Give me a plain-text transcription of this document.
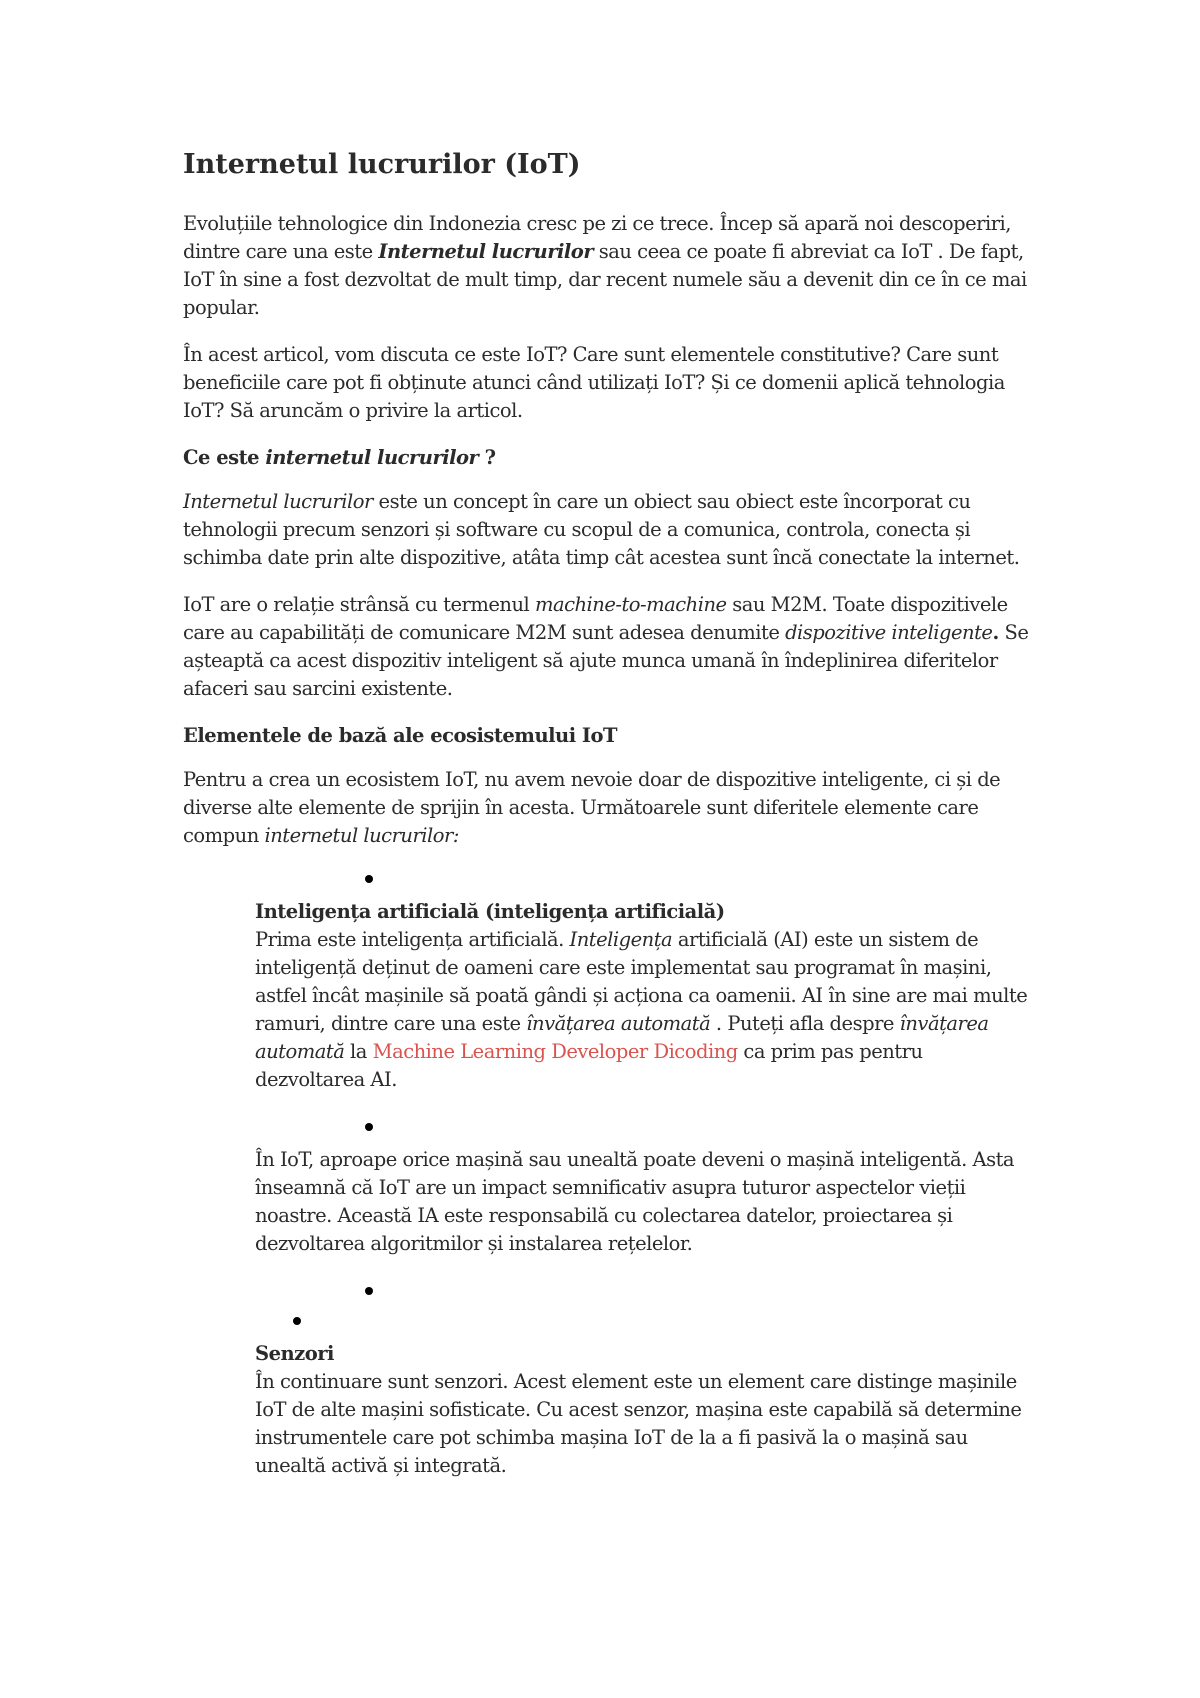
Internetul lucrurilor (IoT)

Evoluțiile tehnologice din Indonezia cresc pe zi ce trece. Încep să apară noi descoperiri, dintre care una este Internetul lucrurilor sau ceea ce poate fi abreviat ca IoT . De fapt, IoT în sine a fost dezvoltat de mult timp, dar recent numele său a devenit din ce în ce mai popular.

În acest articol, vom discuta ce este IoT? Care sunt elementele constitutive? Care sunt beneficiile care pot fi obținute atunci când utilizați IoT? Și ce domenii aplică tehnologia IoT? Să aruncăm o privire la articol.

Ce este internetul lucrurilor ?

Internetul lucrurilor este un concept în care un obiect sau obiect este încorporat cu tehnologii precum senzori și software cu scopul de a comunica, controla, conecta și schimba date prin alte dispozitive, atâta timp cât acestea sunt încă conectate la internet.

IoT are o relație strânsă cu termenul machine-to-machine sau M2M. Toate dispozitivele care au capabilități de comunicare M2M sunt adesea denumite dispozitive inteligente. Se așteaptă ca acest dispozitiv inteligent să ajute munca umană în îndeplinirea diferitelor afaceri sau sarcini existente.

Elementele de bază ale ecosistemului IoT

Pentru a crea un ecosistem IoT, nu avem nevoie doar de dispozitive inteligente, ci și de diverse alte elemente de sprijin în acesta. Următoarele sunt diferitele elemente care compun internetul lucrurilor:

Inteligența artificială (inteligența artificială)
Prima este inteligența artificială. Inteligența artificială (AI) este un sistem de inteligență deținut de oameni care este implementat sau programat în mașini, astfel încât mașinile să poată gândi și acționa ca oamenii. AI în sine are mai multe ramuri, dintre care una este învățarea automată . Puteți afla despre învățarea automată la Machine Learning Developer Dicoding ca prim pas pentru dezvoltarea AI.
În IoT, aproape orice mașină sau unealtă poate deveni o mașină inteligentă. Asta înseamnă că IoT are un impact semnificativ asupra tuturor aspectelor vieții noastre. Această IA este responsabilă cu colectarea datelor, proiectarea și dezvoltarea algoritmilor și instalarea rețelelor.
Senzori
În continuare sunt senzori. Acest element este un element care distinge mașinile IoT de alte mașini sofisticate. Cu acest senzor, mașina este capabilă să determine instrumentele care pot schimba mașina IoT de la a fi pasivă la o mașină sau unealtă activă și integrată.
